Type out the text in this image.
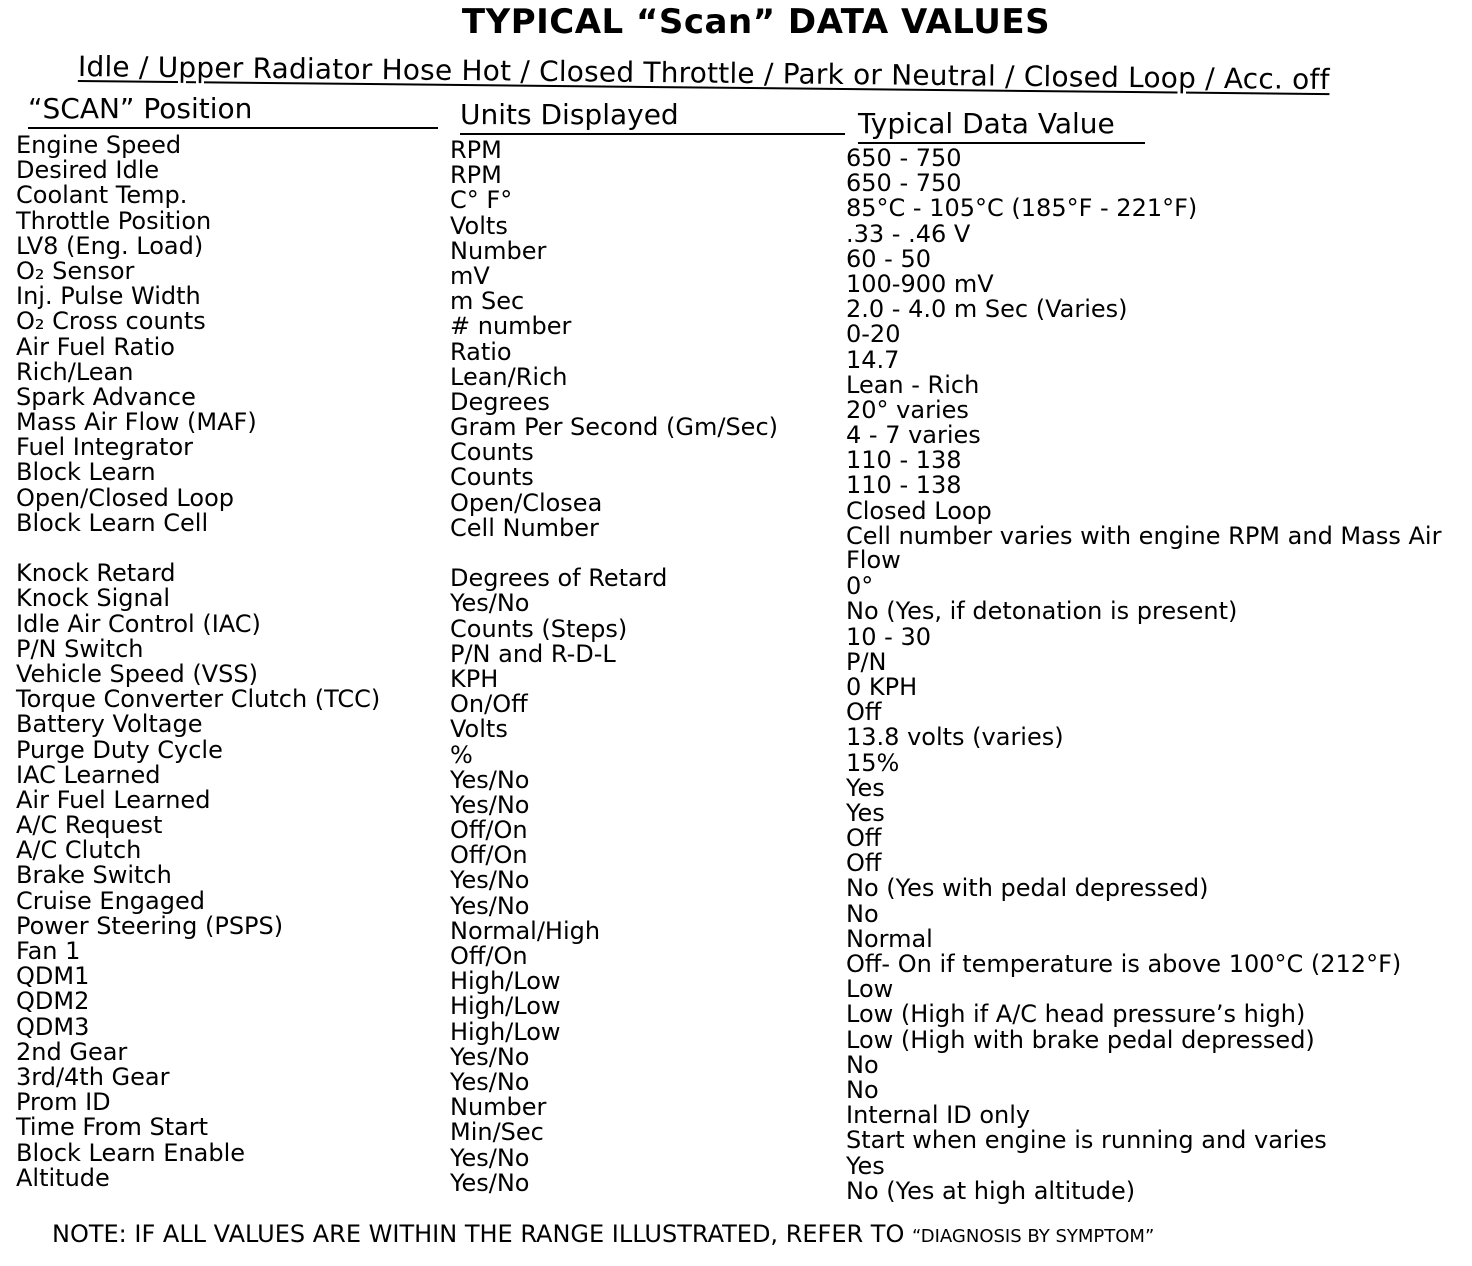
TYPICAL “Scan” DATA VALUES
Idle / Upper Radiator Hose Hot / Closed Throttle / Park or Neutral / Closed Loop / Acc. off
“SCAN” Position	Units Displayed	Typical Data Value
Engine Speed
Desired Idle
Coolant Temp.
Throttle Position
LV8 (Eng. Load)
O₂ Sensor
Inj. Pulse Width
O₂ Cross counts
Air Fuel Ratio
Rich/Lean
Spark Advance
Mass Air Flow (MAF)
Fuel Integrator
Block Learn
Open/Closed Loop
Block Learn Cell
Knock Retard
Knock Signal
Idle Air Control (IAC)
P/N Switch
Vehicle Speed (VSS)
Torque Converter Clutch (TCC)
Battery Voltage
Purge Duty Cycle
IAC Learned
Air Fuel Learned
A/C Request
A/C Clutch
Brake Switch
Cruise Engaged
Power Steering (PSPS)
Fan 1
QDM1
QDM2
QDM3
2nd Gear
3rd/4th Gear
Prom ID
Time From Start
Block Learn Enable
Altitude
RPM
RPM
C° F°
Volts
Number
mV
m Sec
# number
Ratio
Lean/Rich
Degrees
Gram Per Second (Gm/Sec)
Counts
Counts
Open/Closea
Cell Number
Degrees of Retard
Yes/No
Counts (Steps)
P/N and R-D-L
KPH
On/Off
Volts
%
Yes/No
Yes/No
Off/On
Off/On
Yes/No
Yes/No
Normal/High
Off/On
High/Low
High/Low
High/Low
Yes/No
Yes/No
Number
Min/Sec
Yes/No
Yes/No
650 - 750
650 - 750
85°C - 105°C (185°F - 221°F)
.33 - .46 V
60 - 50
100-900 mV
2.0 - 4.0 m Sec (Varies)
0-20
14.7
Lean - Rich
20° varies
4 - 7 varies
110 - 138
110 - 138
Closed Loop
Cell number varies with engine RPM and Mass Air Flow
0°
No (Yes, if detonation is present)
10 - 30
P/N
0 KPH
Off
13.8 volts (varies)
15%
Yes
Yes
Off
Off
No (Yes with pedal depressed)
No
Normal
Off- On if temperature is above 100°C (212°F)
Low
Low (High if A/C head pressure’s high)
Low (High with brake pedal depressed)
No
No
Internal ID only
Start when engine is running and varies
Yes
No (Yes at high altitude)
NOTE: IF ALL VALUES ARE WITHIN THE RANGE ILLUSTRATED, REFER TO “DIAGNOSIS BY SYMPTOM”
